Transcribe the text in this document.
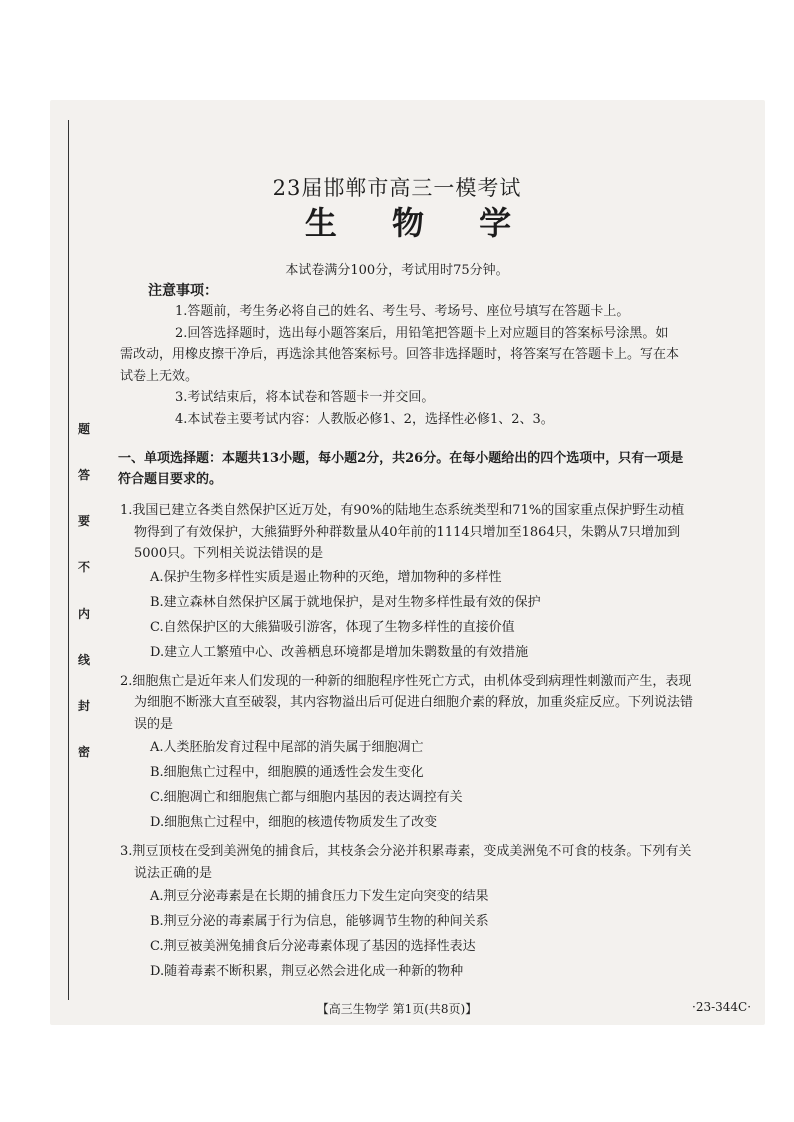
题
答
要
不
内
线
封
密
23届邯郸市高三一模考试
生 物 学
本试卷满分100分，考试用时75分钟。
注意事项：
1.答题前，考生务必将自己的姓名、考生号、考场号、座位号填写在答题卡上。
2.回答选择题时，选出每小题答案后，用铅笔把答题卡上对应题目的答案标号涂黑。如需改动，用橡皮擦干净后，再选涂其他答案标号。回答非选择题时，将答案写在答题卡上。写在本试卷上无效。
3.考试结束后，将本试卷和答题卡一并交回。
4.本试卷主要考试内容：人教版必修1、2，选择性必修1、2、3。
一、单项选择题：本题共13小题，每小题2分，共26分。在每小题给出的四个选项中，只有一项是符合题目要求的。
1.我国已建立各类自然保护区近万处，有90%的陆地生态系统类型和71%的国家重点保护野生动植物得到了有效保护，大熊猫野外种群数量从40年前的1114只增加至1864只，朱鹮从7只增加到5000只。下列相关说法错误的是
A.保护生物多样性实质是遏止物种的灭绝，增加物种的多样性
B.建立森林自然保护区属于就地保护，是对生物多样性最有效的保护
C.自然保护区的大熊猫吸引游客，体现了生物多样性的直接价值
D.建立人工繁殖中心、改善栖息环境都是增加朱鹮数量的有效措施
2.细胞焦亡是近年来人们发现的一种新的细胞程序性死亡方式，由机体受到病理性刺激而产生，表现为细胞不断涨大直至破裂，其内容物溢出后可促进白细胞介素的释放，加重炎症反应。下列说法错误的是
A.人类胚胎发育过程中尾部的消失属于细胞凋亡
B.细胞焦亡过程中，细胞膜的通透性会发生变化
C.细胞凋亡和细胞焦亡都与细胞内基因的表达调控有关
D.细胞焦亡过程中，细胞的核遗传物质发生了改变
3.荆豆顶枝在受到美洲兔的捕食后，其枝条会分泌并积累毒素，变成美洲兔不可食的枝条。下列有关说法正确的是
A.荆豆分泌毒素是在长期的捕食压力下发生定向突变的结果
B.荆豆分泌的毒素属于行为信息，能够调节生物的种间关系
C.荆豆被美洲兔捕食后分泌毒素体现了基因的选择性表达
D.随着毒素不断积累，荆豆必然会进化成一种新的物种
【高三生物学 第1页(共8页)】	·23-344C·
